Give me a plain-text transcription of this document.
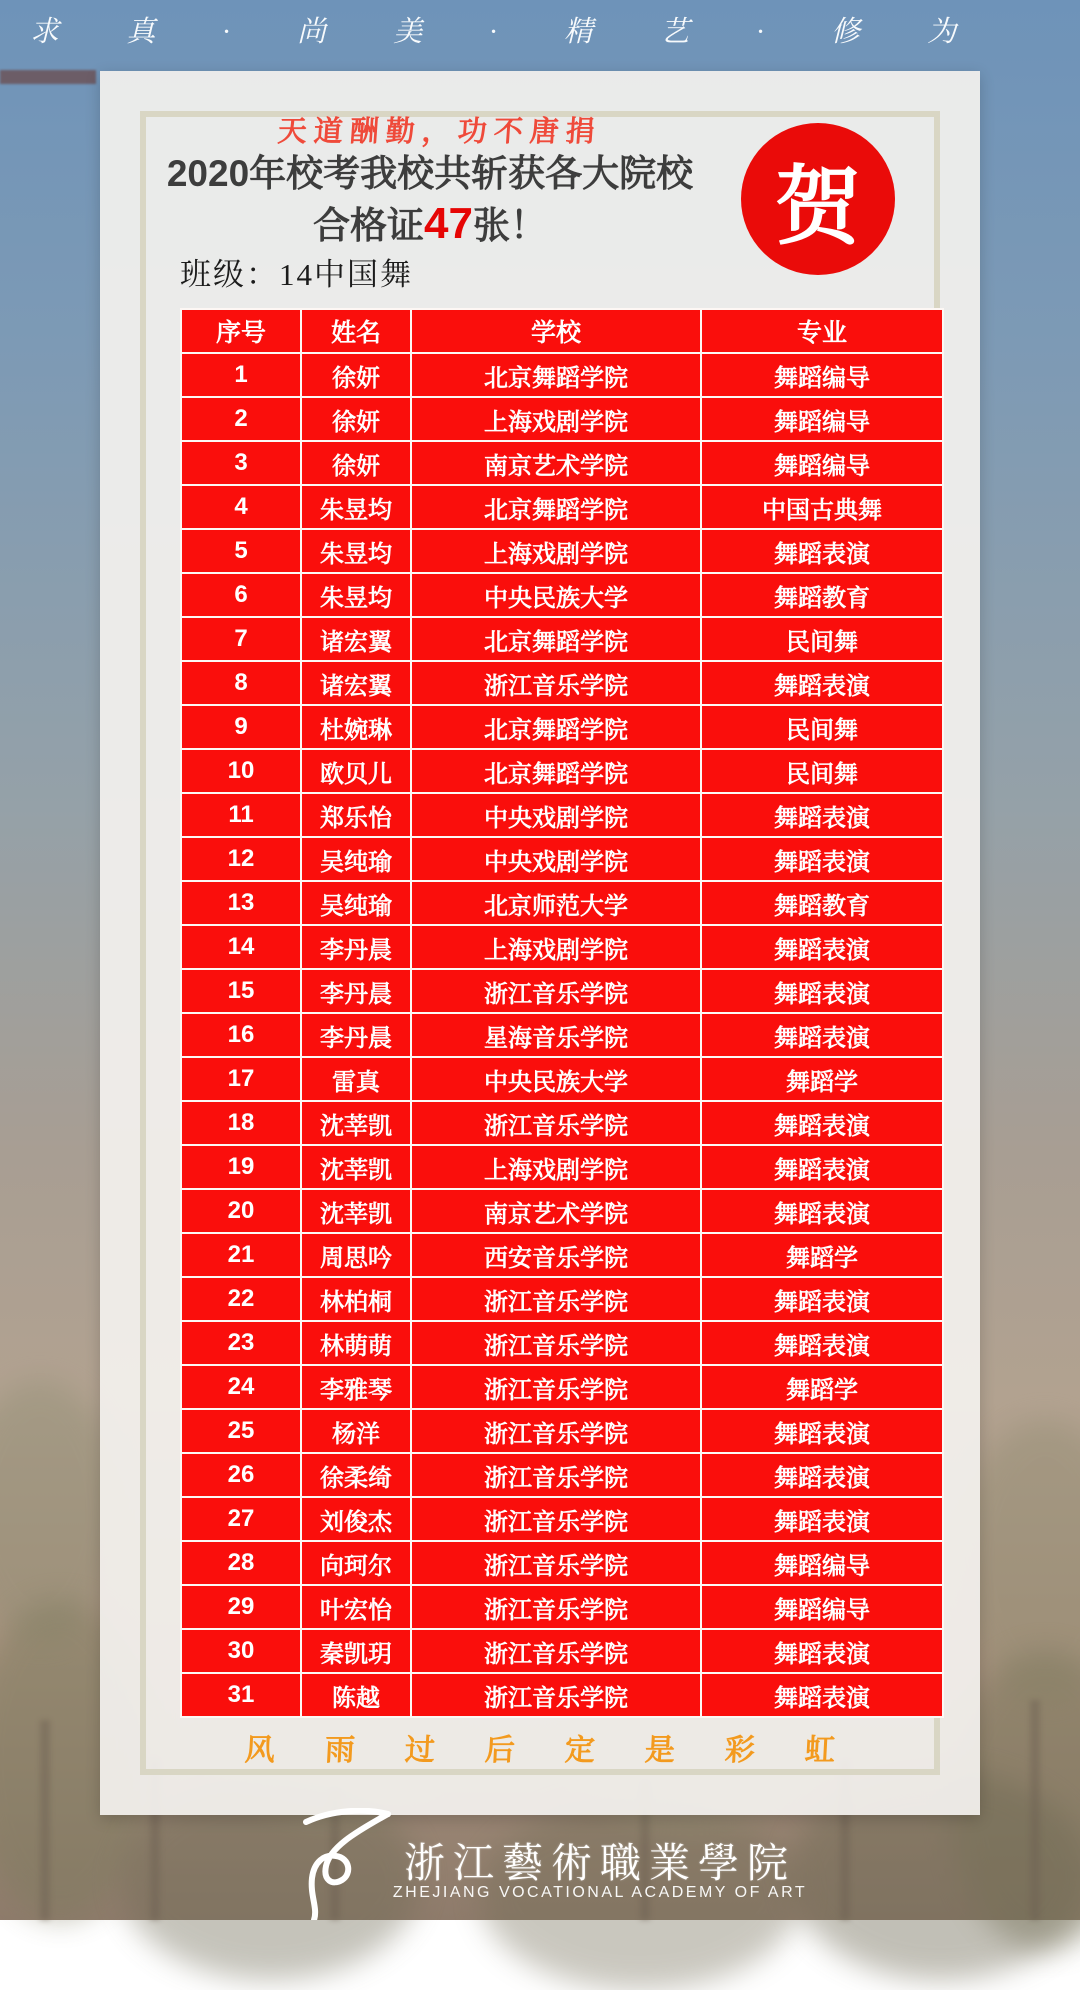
求 真 · 尚 美 · 精 艺 · 修 为
天道酬勤，功不唐捐
2020年校考我校共斩获各大院校
合格证47张！	贺
班级：14中国舞
序号	姓名	学校	专业
1	徐妍	北京舞蹈学院	舞蹈编导
2	徐妍	上海戏剧学院	舞蹈编导
3	徐妍	南京艺术学院	舞蹈编导
4	朱昱均	北京舞蹈学院	中国古典舞
5	朱昱均	上海戏剧学院	舞蹈表演
6	朱昱均	中央民族大学	舞蹈教育
7	诸宏翼	北京舞蹈学院	民间舞
8	诸宏翼	浙江音乐学院	舞蹈表演
9	杜婉琳	北京舞蹈学院	民间舞
10	欧贝儿	北京舞蹈学院	民间舞
11	郑乐怡	中央戏剧学院	舞蹈表演
12	吴纯瑜	中央戏剧学院	舞蹈表演
13	吴纯瑜	北京师范大学	舞蹈教育
14	李丹晨	上海戏剧学院	舞蹈表演
15	李丹晨	浙江音乐学院	舞蹈表演
16	李丹晨	星海音乐学院	舞蹈表演
17	雷真	中央民族大学	舞蹈学
18	沈莘凯	浙江音乐学院	舞蹈表演
19	沈莘凯	上海戏剧学院	舞蹈表演
20	沈莘凯	南京艺术学院	舞蹈表演
21	周思吟	西安音乐学院	舞蹈学
22	林柏桐	浙江音乐学院	舞蹈表演
23	林萌萌	浙江音乐学院	舞蹈表演
24	李雅琴	浙江音乐学院	舞蹈学
25	杨洋	浙江音乐学院	舞蹈表演
26	徐柔绮	浙江音乐学院	舞蹈表演
27	刘俊杰	浙江音乐学院	舞蹈表演
28	向珂尔	浙江音乐学院	舞蹈编导
29	叶宏怡	浙江音乐学院	舞蹈编导
30	秦凯玥	浙江音乐学院	舞蹈表演
31	陈越	浙江音乐学院	舞蹈表演
风雨过后定是彩虹
浙江藝術職業學院
ZHEJIANG VOCATIONAL ACADEMY OF ART
